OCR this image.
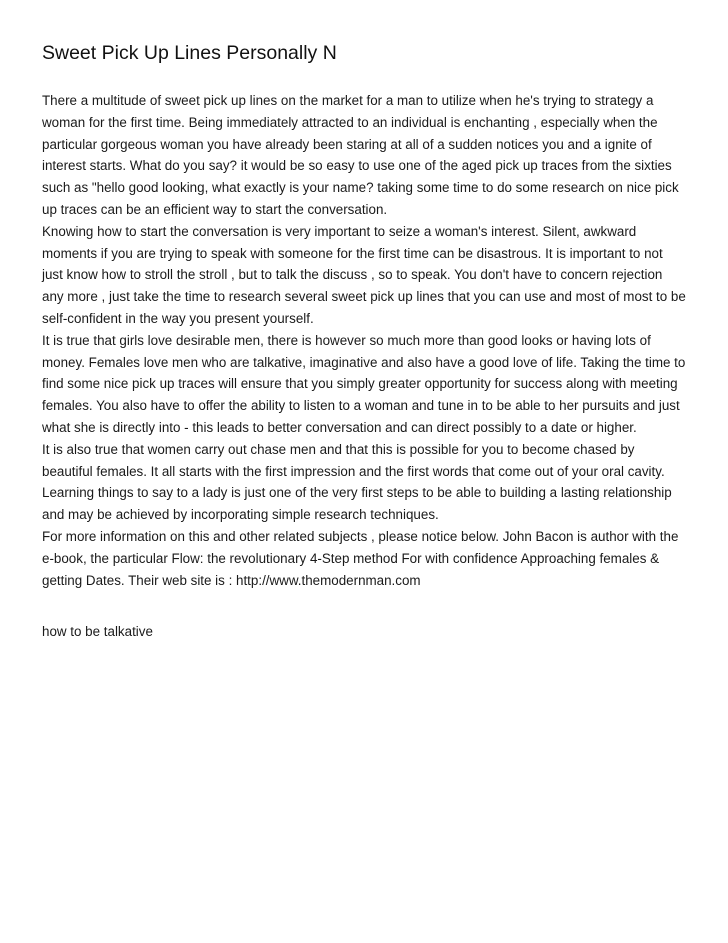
Sweet Pick Up Lines Personally N

There a multitude of sweet pick up lines on the market for a man to utilize when he's trying to strategy a woman for the first time. Being immediately attracted to an individual is enchanting , especially when the particular gorgeous woman you have already been staring at all of a sudden notices you and a ignite of interest starts. What do you say? it would be so easy to use one of the aged pick up traces from the sixties such as "hello good looking, what exactly is your name? taking some time to do some research on nice pick up traces can be an efficient way to start the conversation.

Knowing how to start the conversation is very important to seize a woman's interest. Silent, awkward moments if you are trying to speak with someone for the first time can be disastrous. It is important to not just know how to stroll the stroll , but to talk the discuss , so to speak. You don't have to concern rejection any more , just take the time to research several sweet pick up lines that you can use and most of most to be self-confident in the way you present yourself.

It is true that girls love desirable men, there is however so much more than good looks or having lots of money. Females love men who are talkative, imaginative and also have a good love of life. Taking the time to find some nice pick up traces will ensure that you simply greater opportunity for success along with meeting females. You also have to offer the ability to listen to a woman and tune in to be able to her pursuits and just what she is directly into - this leads to better conversation and can direct possibly to a date or higher.

It is also true that women carry out chase men and that this is possible for you to become chased by beautiful females. It all starts with the first impression and the first words that come out of your oral cavity. Learning things to say to a lady is just one of the very first steps to be able to building a lasting relationship and may be achieved by incorporating simple research techniques.

For more information on this and other related subjects , please notice below. John Bacon is author with the e-book, the particular Flow: the revolutionary 4-Step method For with confidence Approaching females & getting Dates. Their web site is : http://www.themodernman.com

how to be talkative
